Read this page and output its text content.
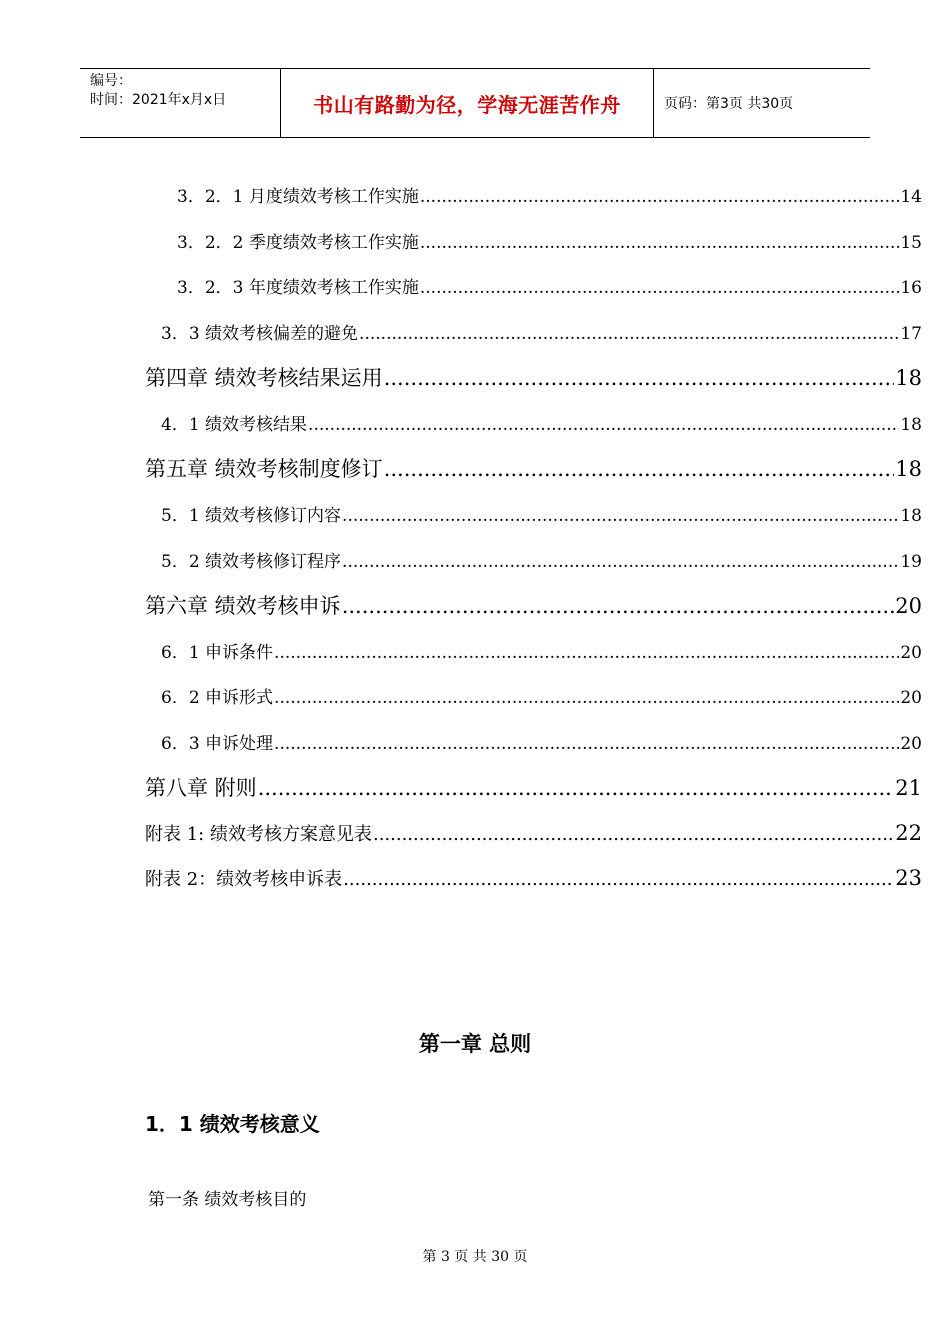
编号：
时间：2021年x月x日	书山有路勤为径，学海无涯苦作舟	页码：第3页 共30页
3．2．1 月度绩效考核工作实施 .....	14
3．2．2 季度绩效考核工作实施 .....	15
3．2．3 年度绩效考核工作实施 .....	16
3．3 绩效考核偏差的避免 .....	17
第四章 绩效考核结果运用 .....	18
4．1 绩效考核结果 .....	18
第五章 绩效考核制度修订 .....	18
5．1 绩效考核修订内容 .....	18
5．2 绩效考核修订程序 .....	19
第六章 绩效考核申诉 .....	20
6．1 申诉条件 .....	20
6．2 申诉形式 .....	20
6．3 申诉处理 .....	20
第八章 附则 .....	21
附表 1: 绩效考核方案意见表 .....	22
附表 2：绩效考核申诉表 .....	23
第一章 总则
1．1 绩效考核意义
第一条 绩效考核目的
第 3 页 共 30 页
